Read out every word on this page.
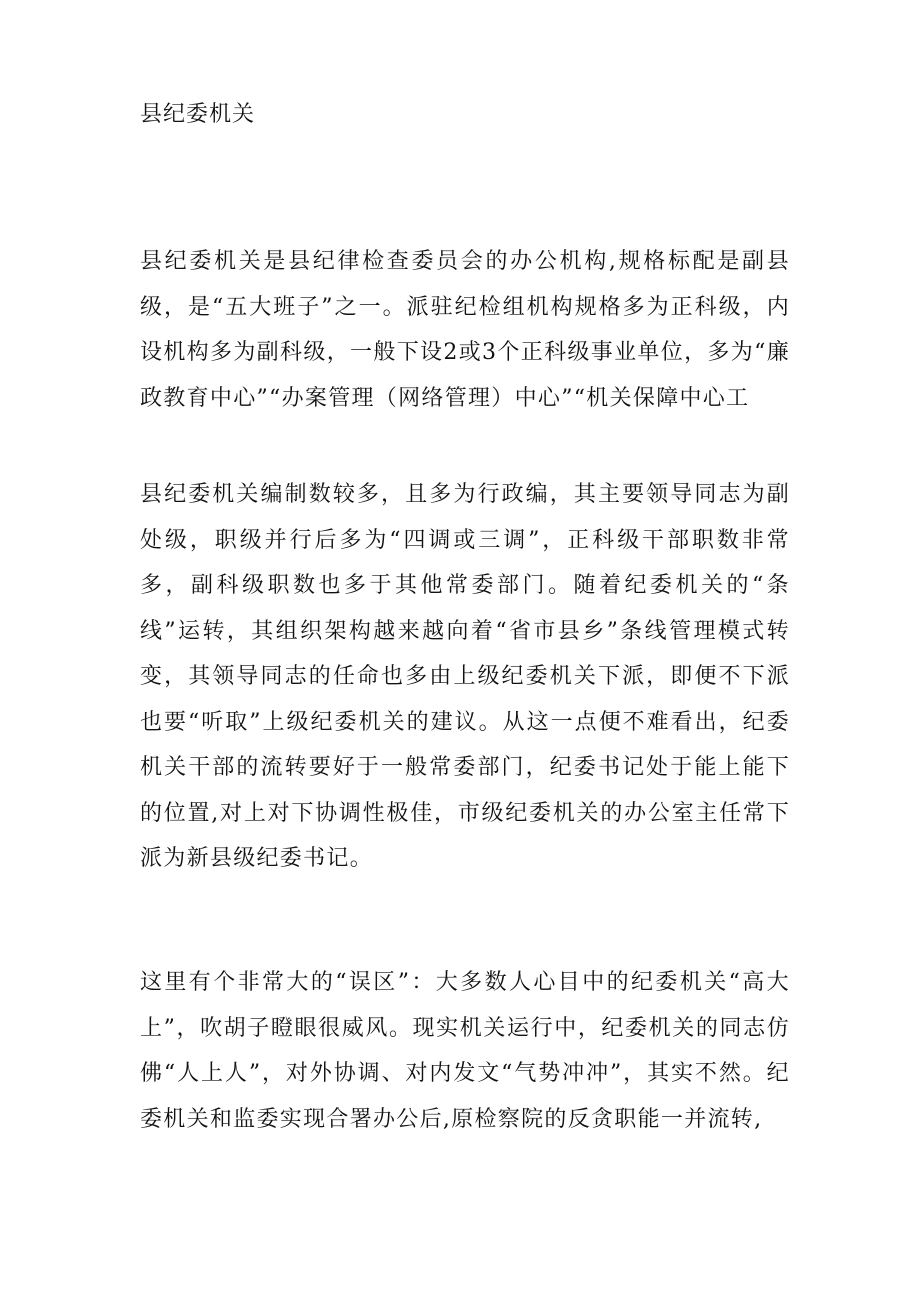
县纪委机关

县纪委机关是县纪律检查委员会的办公机构,规格标配是副县级，是“五大班子”之一。派驻纪检组机构规格多为正科级，内设机构多为副科级，一般下设2或3个正科级事业单位，多为“廉政教育中心”“办案管理（网络管理）中心”“机关保障中心工

县纪委机关编制数较多，且多为行政编，其主要领导同志为副处级，职级并行后多为“四调或三调”，正科级干部职数非常多，副科级职数也多于其他常委部门。随着纪委机关的“条线”运转，其组织架构越来越向着“省市县乡”条线管理模式转变，其领导同志的任命也多由上级纪委机关下派，即便不下派也要“听取”上级纪委机关的建议。从这一点便不难看出，纪委机关干部的流转要好于一般常委部门，纪委书记处于能上能下的位置,对上对下协调性极佳，市级纪委机关的办公室主任常下派为新县级纪委书记。

这里有个非常大的“误区”：大多数人心目中的纪委机关“高大上”，吹胡子瞪眼很威风。现实机关运行中，纪委机关的同志仿佛“人上人”，对外协调、对内发文“气势冲冲”，其实不然。纪委机关和监委实现合署办公后,原检察院的反贪职能一并流转,
